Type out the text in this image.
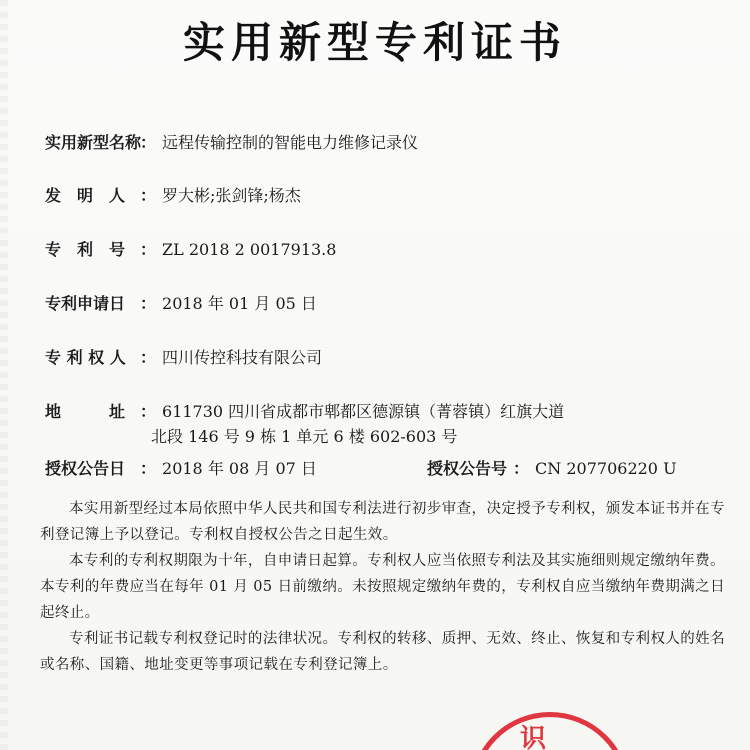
实用新型专利证书
实用新型名称
： 远程传输控制的智能电力维修记录仪
发　明　人 ： 罗大彬;张剑锋;杨杰
专　利　号 ： ZL 2018 2 0017913.8
专利申请日 ： 2018 年 01 月 05 日
专 利 权 人 ： 四川传控科技有限公司
地　　　址 ： 611730 四川省成都市郫都区德源镇（菁蓉镇）红旗大道
北段 146 号 9 栋 1 单元 6 楼 602-603 号
授权公告日 ： 2018 年 08 月 07 日	授权公告号 ： CN 207706220 U
本实用新型经过本局依照中华人民共和国专利法进行初步审查，决定授予专利权，颁发本证书并在专利登记簿上予以登记。专利权自授权公告之日起生效。
本专利的专利权期限为十年，自申请日起算。专利权人应当依照专利法及其实施细则规定缴纳年费。本专利的年费应当在每年 01 月 05 日前缴纳。未按照规定缴纳年费的，专利权自应当缴纳年费期满之日起终止。
专利证书记载专利权登记时的法律状况。专利权的转移、质押、无效、终止、恢复和专利权人的姓名或名称、国籍、地址变更等事项记载在专利登记簿上。
识
